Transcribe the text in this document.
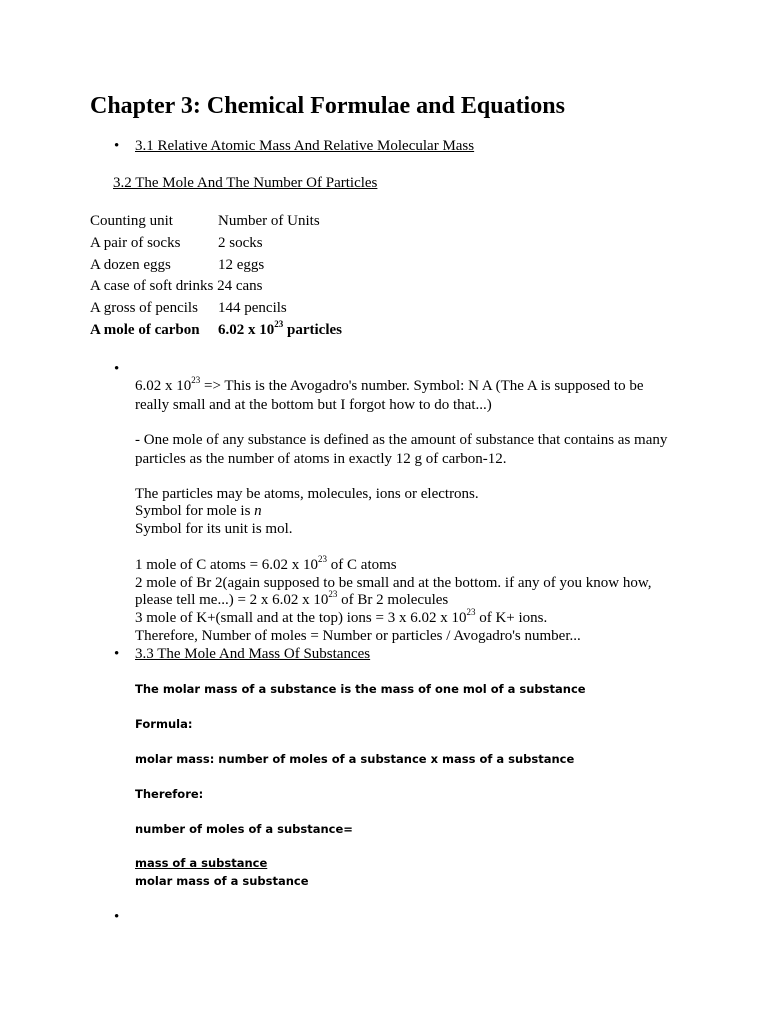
Chapter 3: Chemical Formulae and Equations
• 3.1 Relative Atomic Mass And Relative Molecular Mass
3.2 The Mole And The Number Of Particles
Counting unit	Number of Units
A pair of socks	2 socks
A dozen eggs	12 eggs
A case of soft drinks 24 cans
A gross of pencils 144 pencils
A mole of carbon 6.02 x $10^{23}$ particles
•
6.02 x $10^{23}$ => This is the Avogadro's number. Symbol: N A (The A is supposed to be
really small and at the bottom but I forgot how to do that...)
- One mole of any substance is defined as the amount of substance that contains as many
particles as the number of atoms in exactly 12 g of carbon-12.
The particles may be atoms, molecules, ions or electrons.
Symbol for mole is n
Symbol for its unit is mol.
1 mole of C atoms = 6.02 x $10^{23}$ of C atoms
2 mole of Br 2(again supposed to be small and at the bottom. if any of you know how,
please tell me...) = 2 x 6.02 x $10^{23}$ of Br 2 molecules
3 mole of K+(small and at the top) ions = 3 x 6.02 x $10^{23}$ of K+ ions.
Therefore, Number of moles = Number or particles / Avogadro's number...
• 3.3 The Mole And Mass Of Substances
The molar mass of a substance is the mass of one mol of a substance
Formula:
molar mass: number of moles of a substance x mass of a substance
Therefore:
number of moles of a substance=
mass of a substance
molar mass of a substance
•
